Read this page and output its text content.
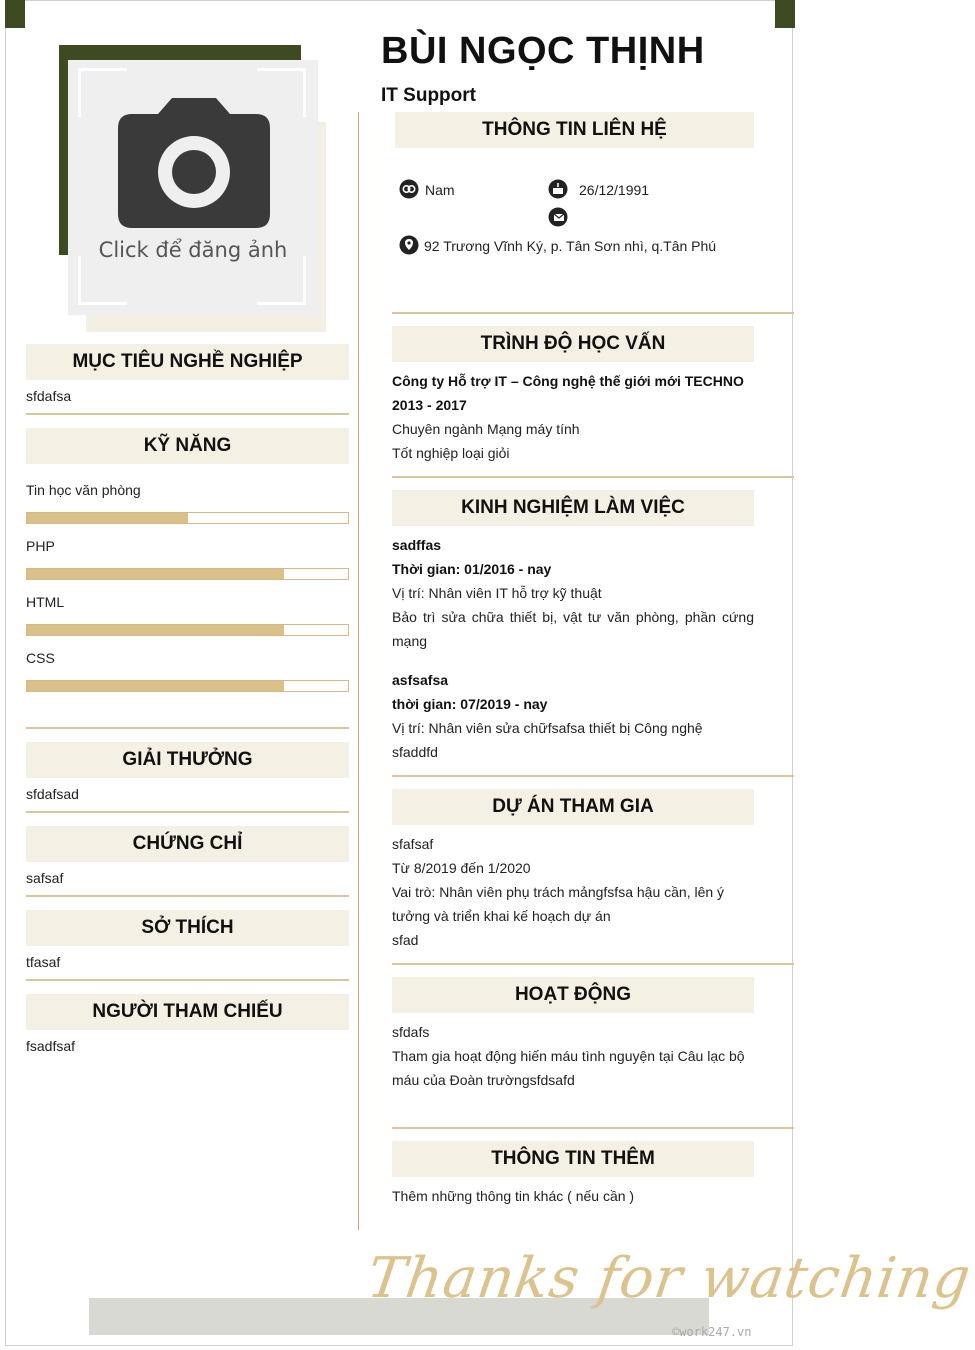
Click để đăng ảnh
BÙI NGỌC THỊNH
IT Support
THÔNG TIN LIÊN HỆ
Nam	26/12/1991
92 Trương Vĩnh Ký, p. Tân Sơn nhì, q.Tân Phú
MỤC TIÊU NGHỀ NGHIỆP
sfdafsa
KỸ NĂNG
Tin học văn phòng
PHP
HTML
CSS
GIẢI THƯỞNG
sfdafsad
CHỨNG CHỈ
safsaf
SỞ THÍCH
tfasaf
NGƯỜI THAM CHIẾU
fsadfsaf
TRÌNH ĐỘ HỌC VẤN
Công ty Hỗ trợ IT – Công nghệ thế giới mới TECHNO
2013 - 2017
Chuyên ngành Mạng máy tính
Tốt nghiệp loại giỏi
KINH NGHIỆM LÀM VIỆC
sadffas
Thời gian: 01/2016 - nay
Vị trí: Nhân viên IT hỗ trợ kỹ thuật
Bảo trì sửa chữa thiết bị, vật tư văn phòng, phần cứng mạng
asfsafsa
thời gian: 07/2019 - nay
Vị trí: Nhân viên sửa chữfsafsa thiết bị Công nghệ
sfaddfd
DỰ ÁN THAM GIA
sfafsaf
Từ 8/2019 đến 1/2020
Vai trò: Nhân viên phụ trách mảngfsfsa hậu cần, lên ý tưởng và triển khai kế hoạch dự án
sfad
HOẠT ĐỘNG
sfdafs
Tham gia hoạt động hiến máu tình nguyện tại Câu lạc bộ máu của Đoàn trườngsfdsafd
THÔNG TIN THÊM
Thêm những thông tin khác ( nếu cần )
Thanks for watching
©work247.vn
